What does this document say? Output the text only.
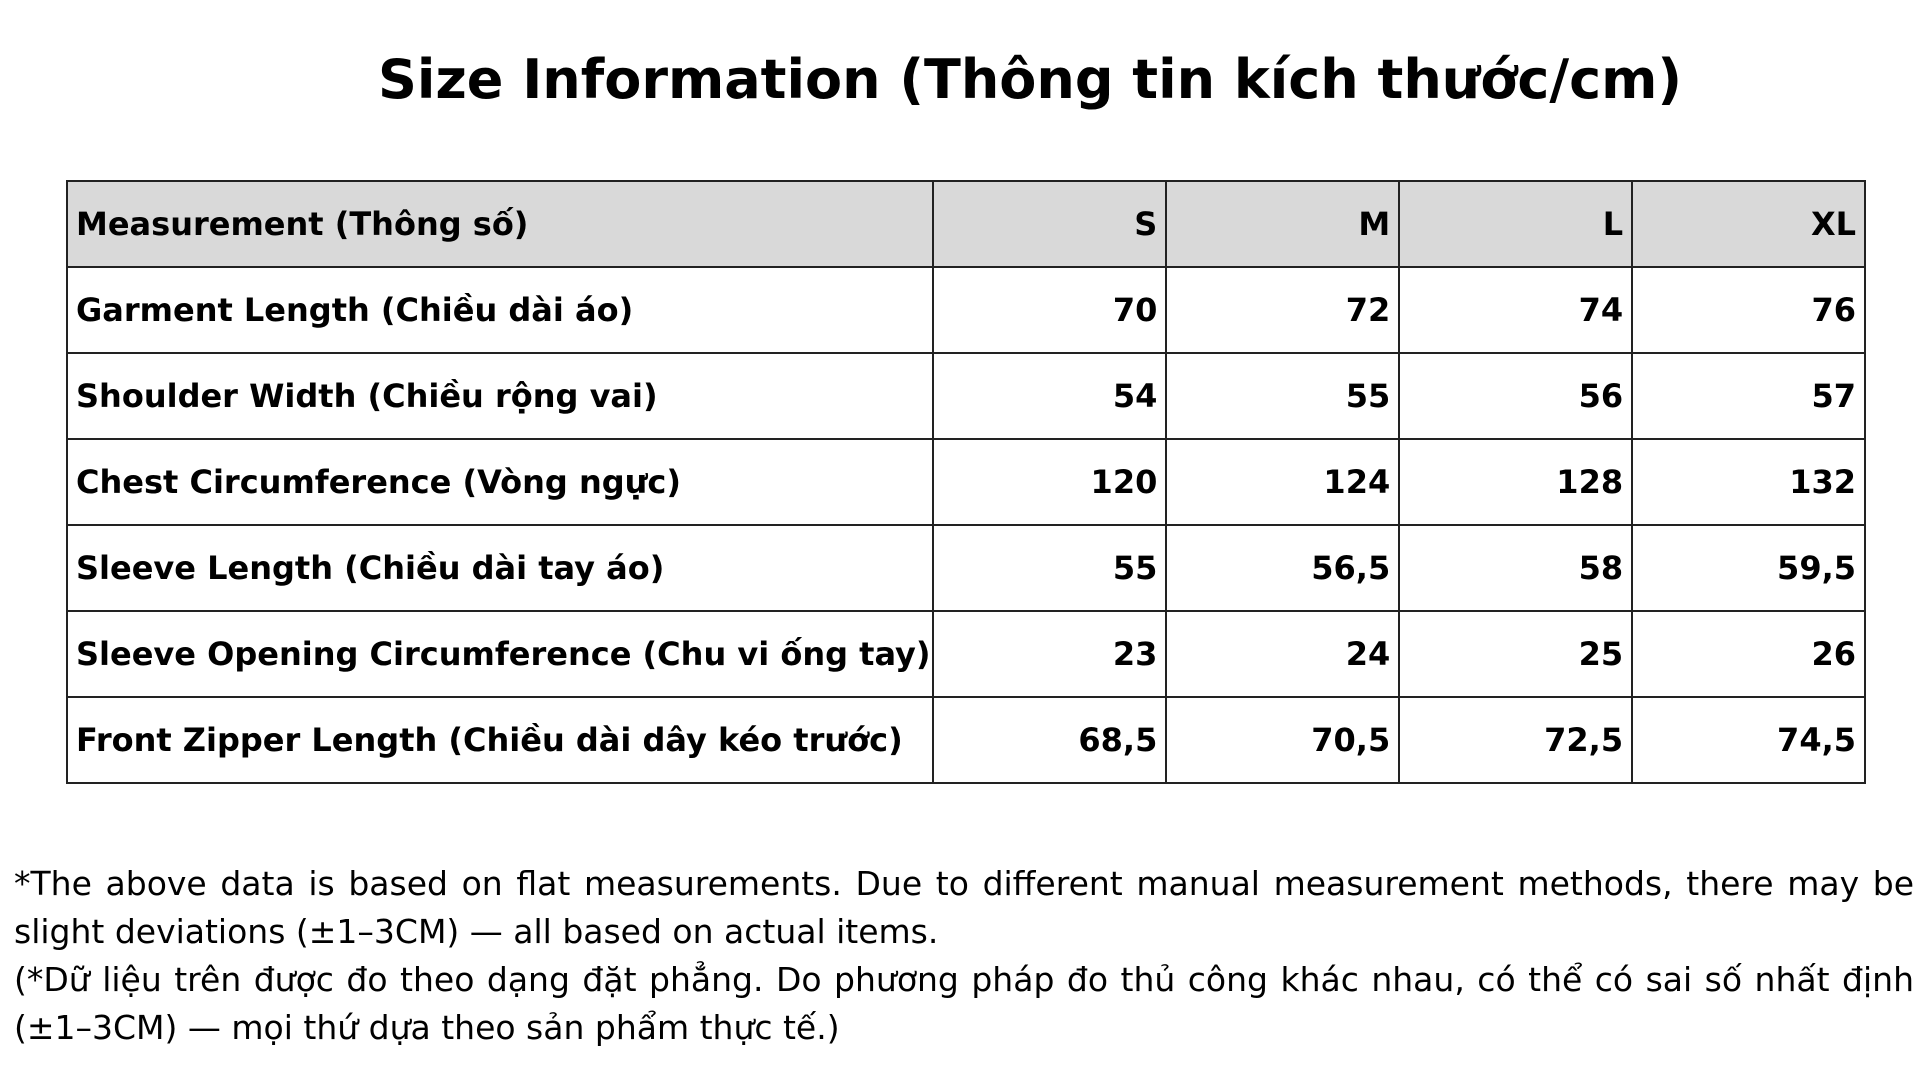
Size Information (Thông tin kích thước/cm)
Measurement (Thông số)	S	M	L	XL
Garment Length (Chiều dài áo)	70	72	74	76
Shoulder Width (Chiều rộng vai)	54	55	56	57
Chest Circumference (Vòng ngực)	120	124	128	132
Sleeve Length (Chiều dài tay áo)	55	56,5	58	59,5
Sleeve Opening Circumference (Chu vi ống tay)	23	24	25	26
Front Zipper Length (Chiều dài dây kéo trước)	68,5	70,5	72,5	74,5

*The above data is based on flat measurements. Due to different manual measurement methods, there may be slight deviations (±1–3CM) — all based on actual items.

(*Dữ liệu trên được đo theo dạng đặt phẳng. Do phương pháp đo thủ công khác nhau, có thể có sai số nhất định (±1–3CM) — mọi thứ dựa theo sản phẩm thực tế.)
